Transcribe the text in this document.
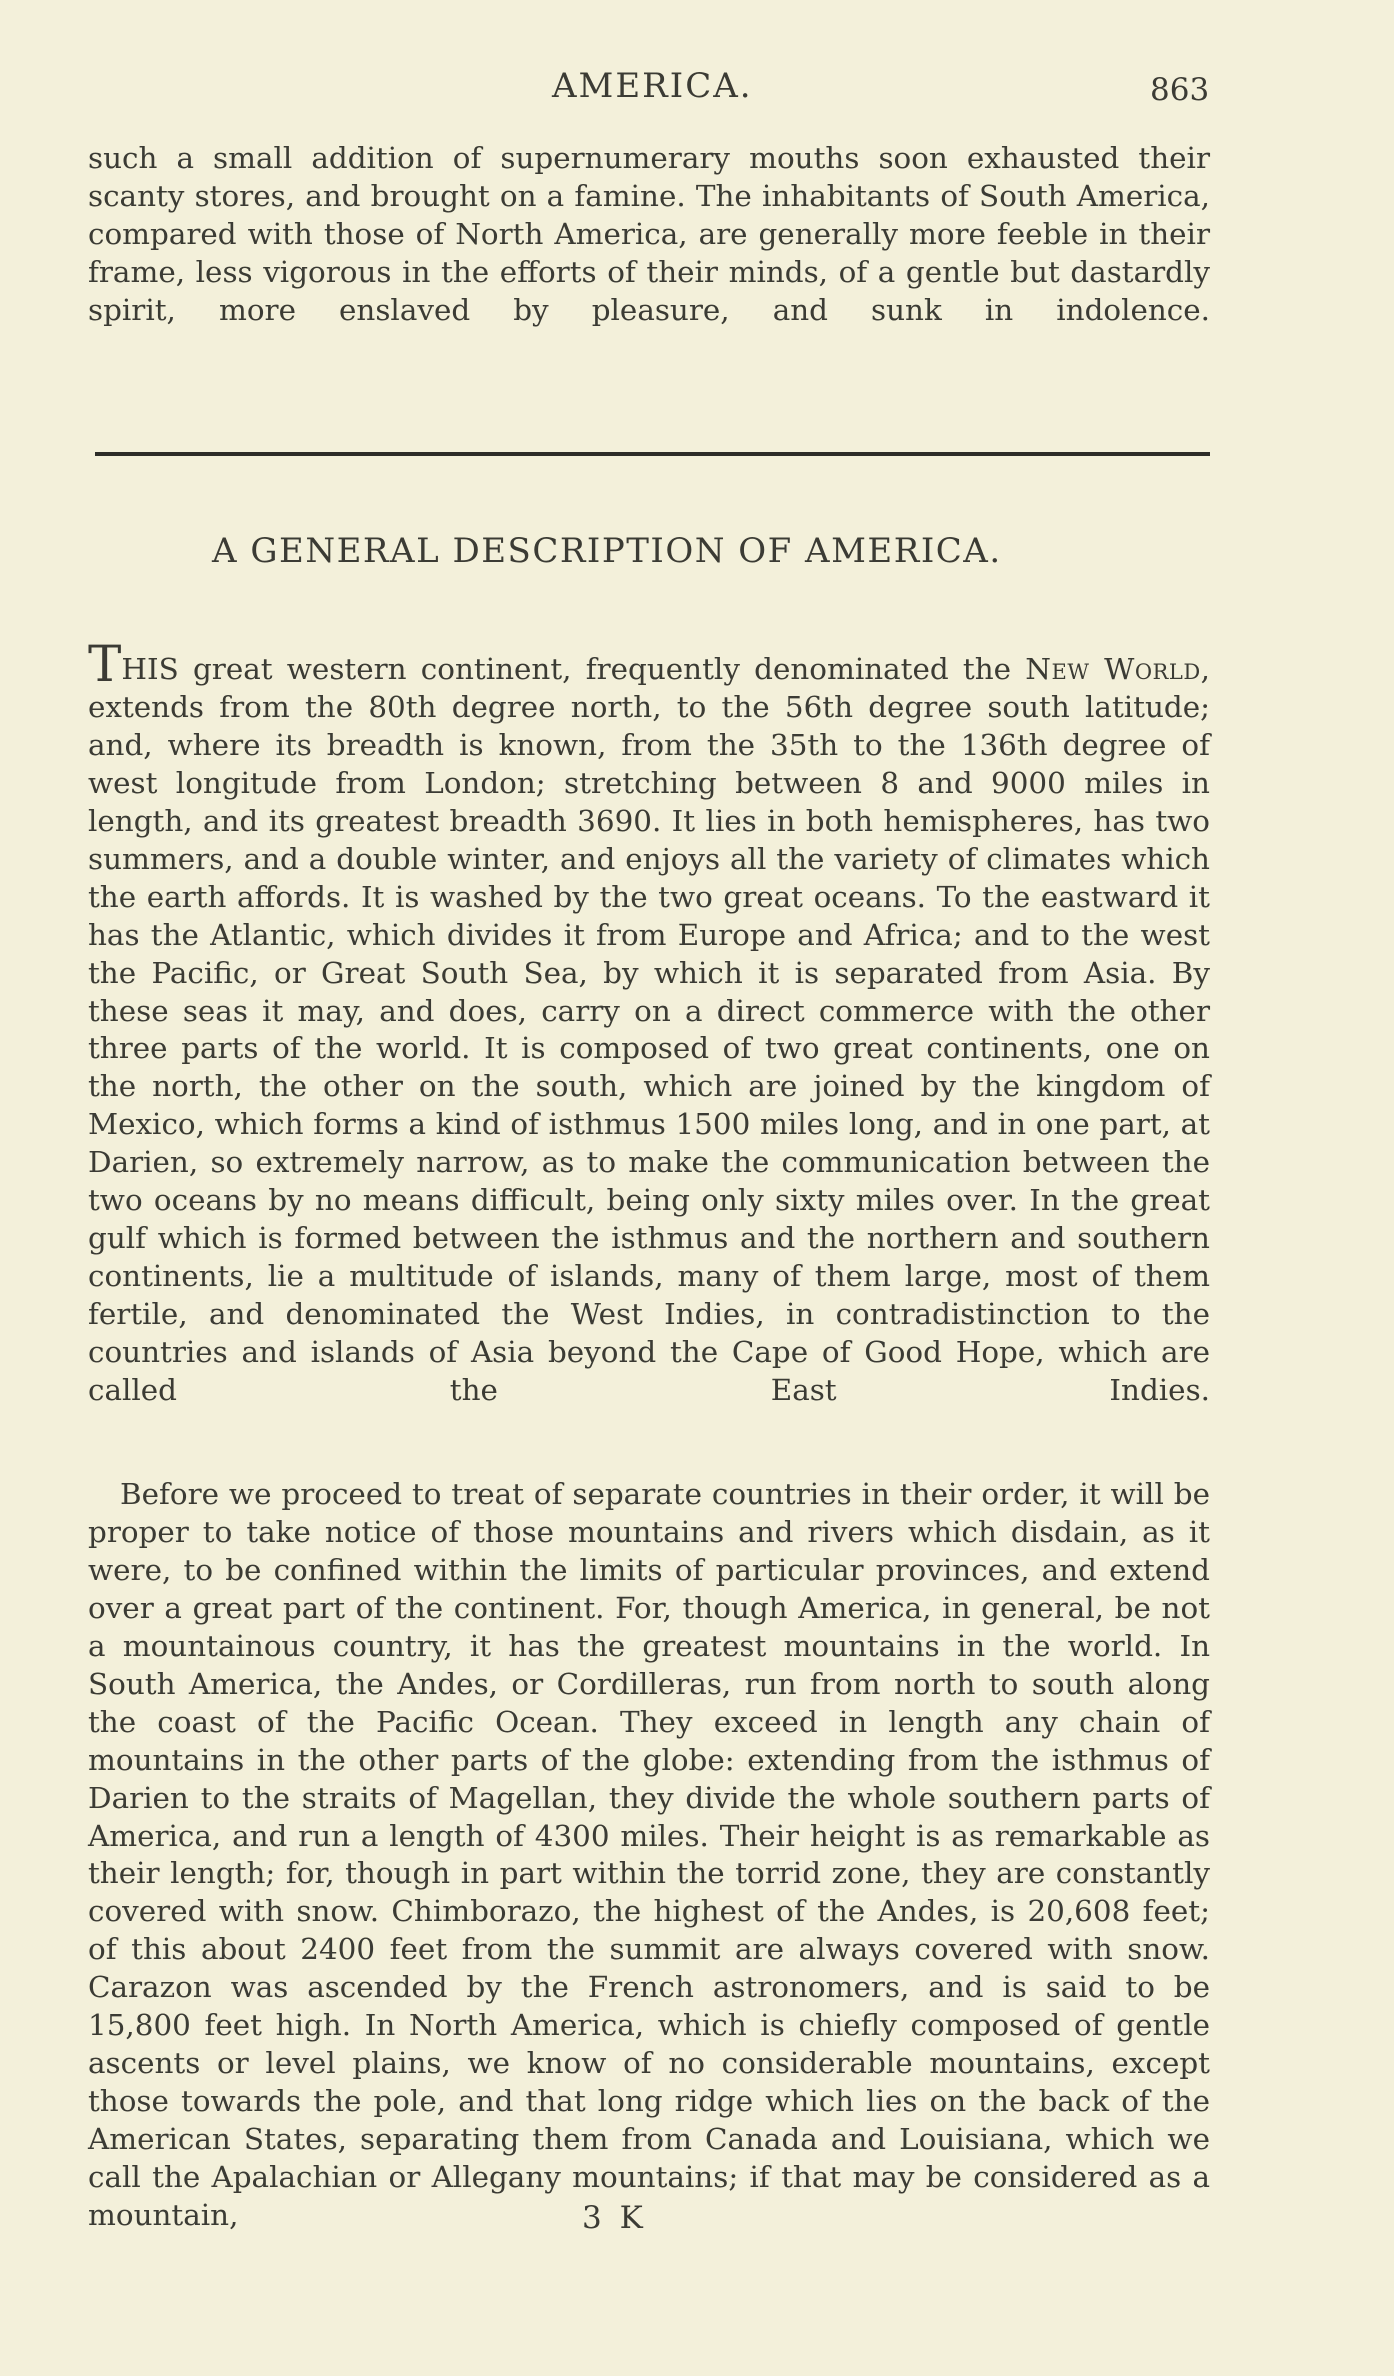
AMERICA.	863

such a small addition of supernumerary mouths soon exhausted their scanty stores, and brought on a famine. The inhabitants of South America, compared with those of North America, are generally more feeble in their frame, less vigorous in the efforts of their minds, of a gentle but dastardly spirit, more enslaved by pleasure, and sunk in indolence.

A GENERAL DESCRIPTION OF AMERICA.

THIS great western continent, frequently denominated the New World, extends from the 80th degree north, to the 56th degree south latitude; and, where its breadth is known, from the 35th to the 136th degree of west longitude from London; stretching between 8 and 9000 miles in length, and its greatest breadth 3690. It lies in both hemispheres, has two summers, and a double winter, and enjoys all the variety of climates which the earth affords. It is washed by the two great oceans. To the eastward it has the Atlantic, which divides it from Europe and Africa; and to the west the Pacific, or Great South Sea, by which it is separated from Asia. By these seas it may, and does, carry on a direct commerce with the other three parts of the world. It is composed of two great continents, one on the north, the other on the south, which are joined by the kingdom of Mexico, which forms a kind of isthmus 1500 miles long, and in one part, at Darien, so extremely narrow, as to make the communication between the two oceans by no means difficult, being only sixty miles over. In the great gulf which is formed between the isthmus and the northern and southern continents, lie a multitude of islands, many of them large, most of them fertile, and denominated the West Indies, in contradistinction to the countries and islands of Asia beyond the Cape of Good Hope, which are called the East Indies.

Before we proceed to treat of separate countries in their order, it will be proper to take notice of those mountains and rivers which disdain, as it were, to be confined within the limits of particular provinces, and extend over a great part of the continent. For, though America, in general, be not a mountainous country, it has the greatest mountains in the world. In South America, the Andes, or Cordilleras, run from north to south along the coast of the Pacific Ocean. They exceed in length any chain of mountains in the other parts of the globe: extending from the isthmus of Darien to the straits of Magellan, they divide the whole southern parts of America, and run a length of 4300 miles. Their height is as remarkable as their length; for, though in part within the torrid zone, they are constantly covered with snow. Chimborazo, the highest of the Andes, is 20,608 feet; of this about 2400 feet from the summit are always covered with snow. Carazon was ascended by the French astronomers, and is said to be 15,800 feet high. In North America, which is chiefly composed of gentle ascents or level plains, we know of no considerable mountains, except those towards the pole, and that long ridge which lies on the back of the American States, separating them from Canada and Louisiana, which we call the Apalachian or Allegany mountains; if that may be considered as a mountain,	3 K
